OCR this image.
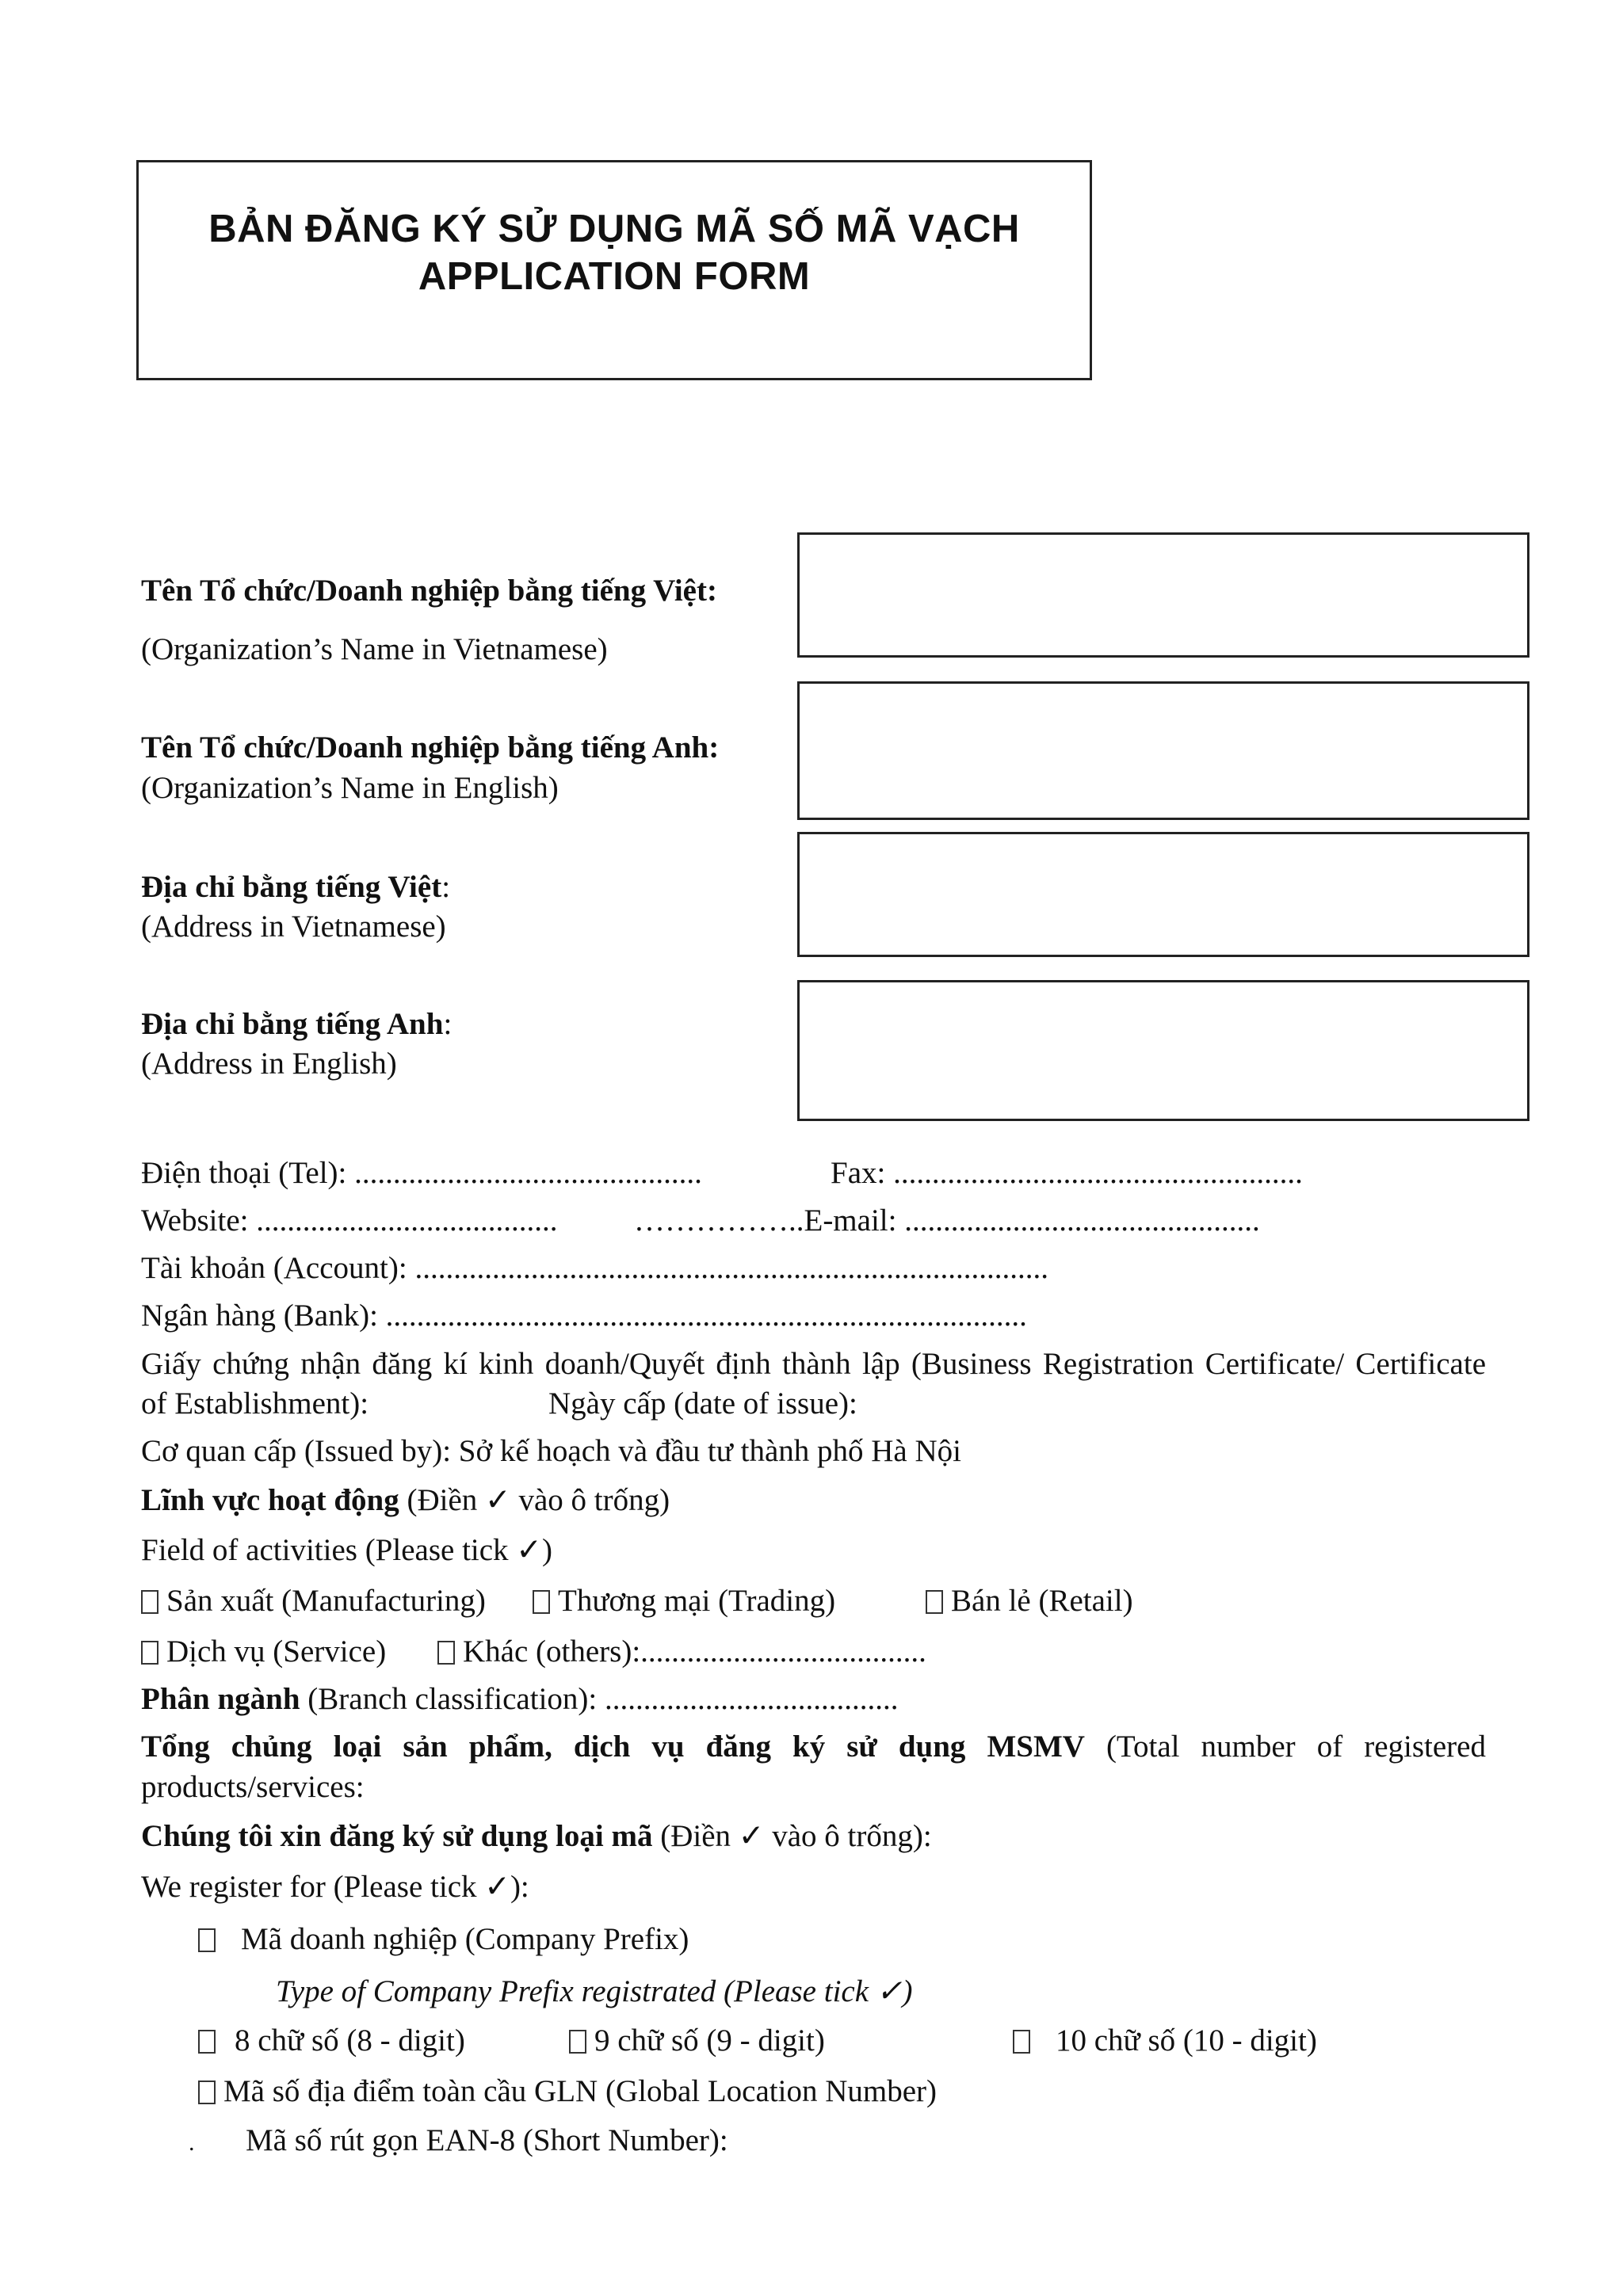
BẢN ĐĂNG KÝ SỬ DỤNG MÃ SỐ MÃ VẠCH
APPLICATION FORM
Tên Tổ chức/Doanh nghiệp bằng tiếng Việt:
(Organization’s Name in Vietnamese)
Tên Tổ chức/Doanh nghiệp bằng tiếng Anh:
(Organization’s Name in English)
Địa chỉ bằng tiếng Việt:
(Address in Vietnamese)
Địa chỉ bằng tiếng Anh:
(Address in English)
Điện thoại (Tel): .............................................	Fax: .....................................................
Website: ....................................... ……………..E-mail: ..............................................
Tài khoản (Account): ..................................................................................
Ngân hàng (Bank): ...................................................................................
Giấy chứng nhận đăng kí kinh doanh/Quyết định thành lập (Business Registration Certificate/ Certificate
of Establishment):	Ngày cấp (date of issue):
Cơ quan cấp (Issued by): Sở kế hoạch và đầu tư thành phố Hà Nội
Lĩnh vực hoạt động (Điền ✓ vào ô trống)
Field of activities (Please tick ✓)
Sản xuất (Manufacturing)	Thương mại (Trading)	Bán lẻ (Retail)
Dịch vụ (Service)	Khác (others):.....................................
Phân ngành (Branch classification): ......................................
Tổng chủng loại sản phẩm, dịch vụ đăng ký sử dụng MSMV (Total number of registered
products/services:
Chúng tôi xin đăng ký sử dụng loại mã (Điền ✓ vào ô trống):
We register for (Please tick ✓):
Mã doanh nghiệp (Company Prefix)
Type of Company Prefix registrated (Please tick ✓)
8 chữ số (8 - digit)	9 chữ số (9 - digit)	10 chữ số (10 - digit)
Mã số địa điểm toàn cầu GLN (Global Location Number)
. Mã số rút gọn EAN-8 (Short Number):
